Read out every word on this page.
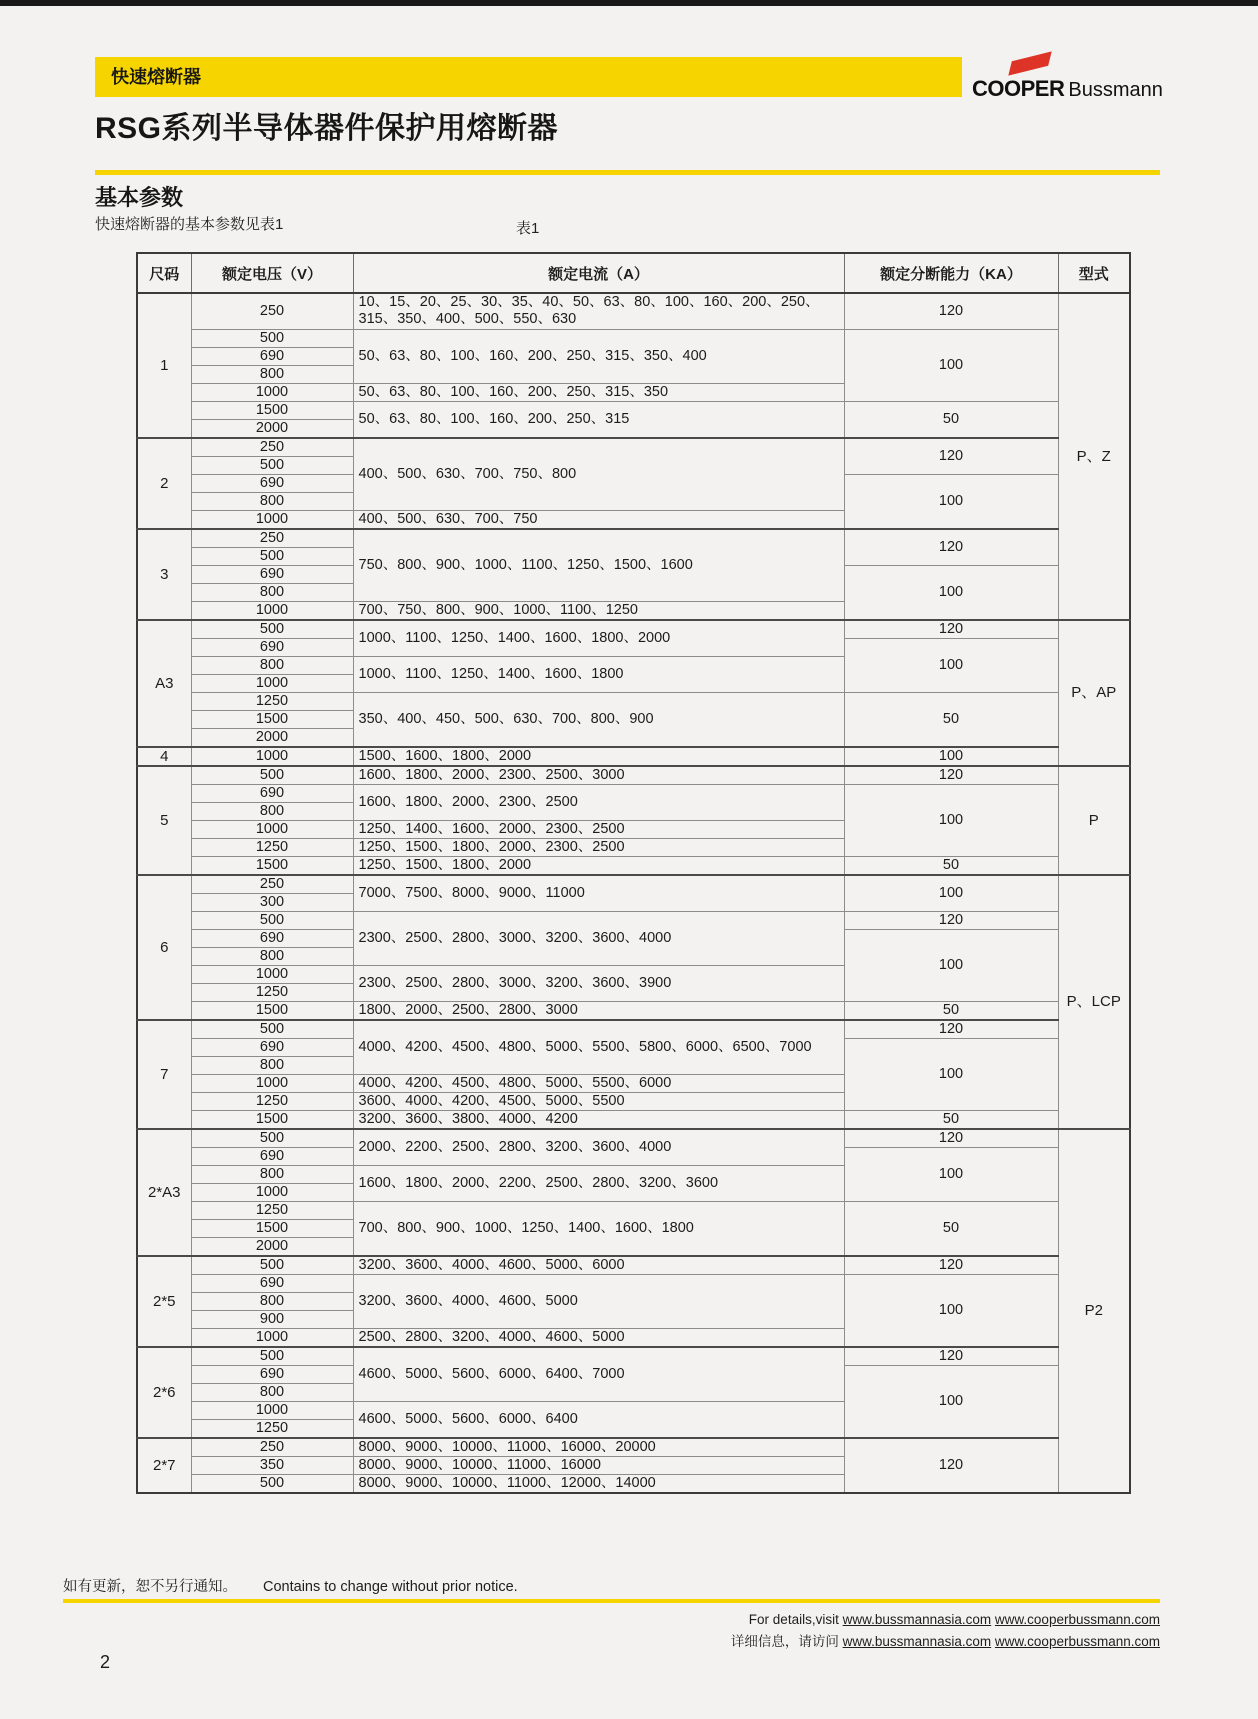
快速熔断器	COOPER Bussmann
RSG系列半导体器件保护用熔断器
基本参数
快速熔断器的基本参数见表1	表1
尺码	额定电压（V）	额定电流（A）	额定分断能力（KA）	型式
1	250	10、15、20、25、30、35、40、50、63、80、100、160、200、250、315、350、400、500、550、630	120	P、Z
	500	50、63、80、100、160、200、250、315、350、400	100	
	690			
	800			
	1000	50、63、80、100、160、200、250、315、350		
	1500	50、63、80、100、160、200、250、315	50	
	2000			
2	250	400、500、630、700、750、800	120	
	500			
	690		100	
	800			
	1000	400、500、630、700、750		
3	250	750、800、900、1000、1100、1250、1500、1600	120	
	500			
	690		100	
	800			
	1000	700、750、800、900、1000、1100、1250		
A3	500	1000、1100、1250、1400、1600、1800、2000	120	P、AP
	690		100	
	800	1000、1100、1250、1400、1600、1800		
	1000			
	1250	350、400、450、500、630、700、800、900	50	
	1500			
	2000			
4	1000	1500、1600、1800、2000	100	
5	500	1600、1800、2000、2300、2500、3000	120	P
	690	1600、1800、2000、2300、2500	100	
	800			
	1000	1250、1400、1600、2000、2300、2500		
	1250	1250、1500、1800、2000、2300、2500		
	1500	1250、1500、1800、2000	50	
6	250	7000、7500、8000、9000、11000	100	P、LCP
	300			
	500	2300、2500、2800、3000、3200、3600、4000	120	
	690		100	
	800			
	1000	2300、2500、2800、3000、3200、3600、3900		
	1250			
	1500	1800、2000、2500、2800、3000	50	
7	500	4000、4200、4500、4800、5000、5500、5800、6000、6500、7000	120	
	690		100	
	800			
	1000	4000、4200、4500、4800、5000、5500、6000		
	1250	3600、4000、4200、4500、5000、5500		
	1500	3200、3600、3800、4000、4200	50	
2*A3	500	2000、2200、2500、2800、3200、3600、4000	120	P2
	690		100	
	800	1600、1800、2000、2200、2500、2800、3200、3600		
	1000			
	1250	700、800、900、1000、1250、1400、1600、1800	50	
	1500			
	2000			
2*5	500	3200、3600、4000、4600、5000、6000	120	
	690	3200、3600、4000、4600、5000	100	
	800			
	900			
	1000	2500、2800、3200、4000、4600、5000		
2*6	500	4600、5000、5600、6000、6400、7000	120	
	690		100	
	800			
	1000	4600、5000、5600、6000、6400		
	1250			
2*7	250	8000、9000、10000、11000、16000、20000	120	
	350	8000、9000、10000、11000、16000		
	500	8000、9000、10000、11000、12000、14000		
如有更新，恕不另行通知。 Contains to change without prior notice.
For details,visit www.bussmannasia.com www.cooperbussmann.com
详细信息，请访问 www.bussmannasia.com www.cooperbussmann.com
2
